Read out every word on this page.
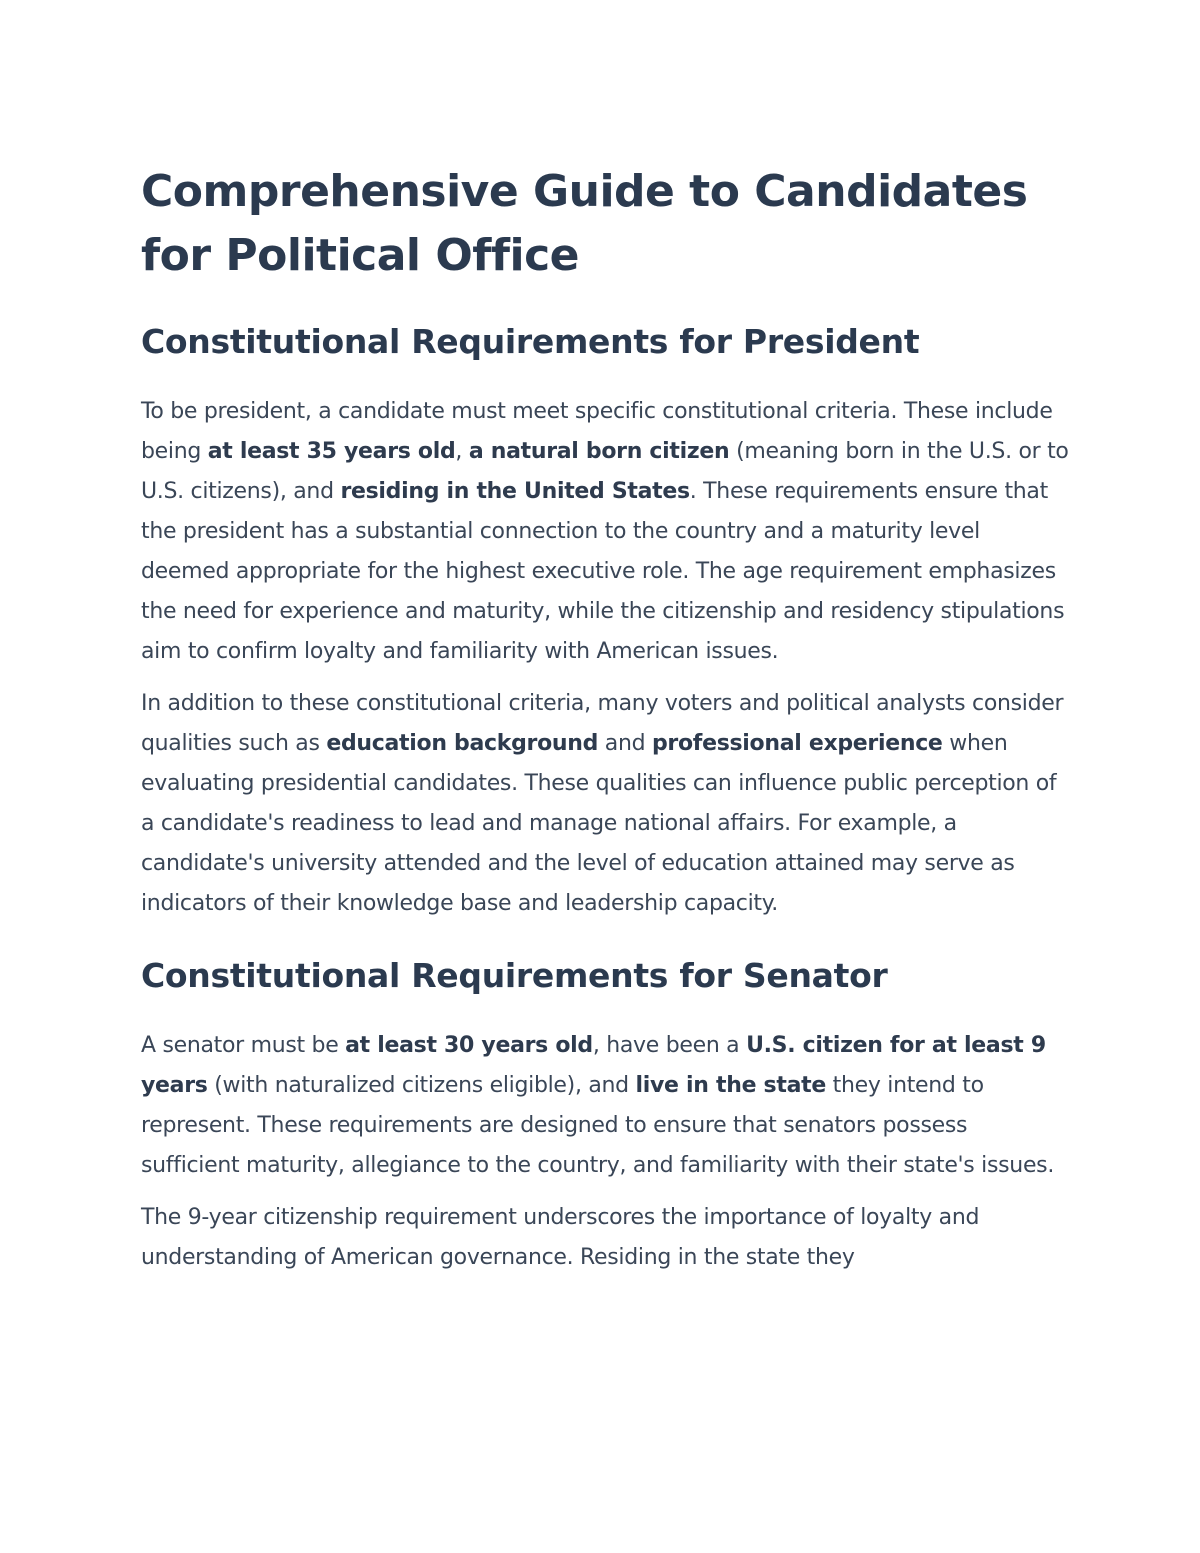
Comprehensive Guide to Candidates for Political Office
Constitutional Requirements for President

To be president, a candidate must meet specific constitutional criteria. These include being at least 35 years old, a natural born citizen (meaning born in the U.S. or to U.S. citizens), and residing in the United States. These requirements ensure that the president has a substantial connection to the country and a maturity level deemed appropriate for the highest executive role. The age requirement emphasizes the need for experience and maturity, while the citizenship and residency stipulations aim to confirm loyalty and familiarity with American issues.

In addition to these constitutional criteria, many voters and political analysts consider qualities such as education background and professional experience when evaluating presidential candidates. These qualities can influence public perception of a candidate's readiness to lead and manage national affairs. For example, a candidate's university attended and the level of education attained may serve as indicators of their knowledge base and leadership capacity.

Constitutional Requirements for Senator

A senator must be at least 30 years old, have been a U.S. citizen for at least 9 years (with naturalized citizens eligible), and live in the state they intend to represent. These requirements are designed to ensure that senators possess sufficient maturity, allegiance to the country, and familiarity with their state's issues.

The 9-year citizenship requirement underscores the importance of loyalty and understanding of American governance. Residing in the state they
